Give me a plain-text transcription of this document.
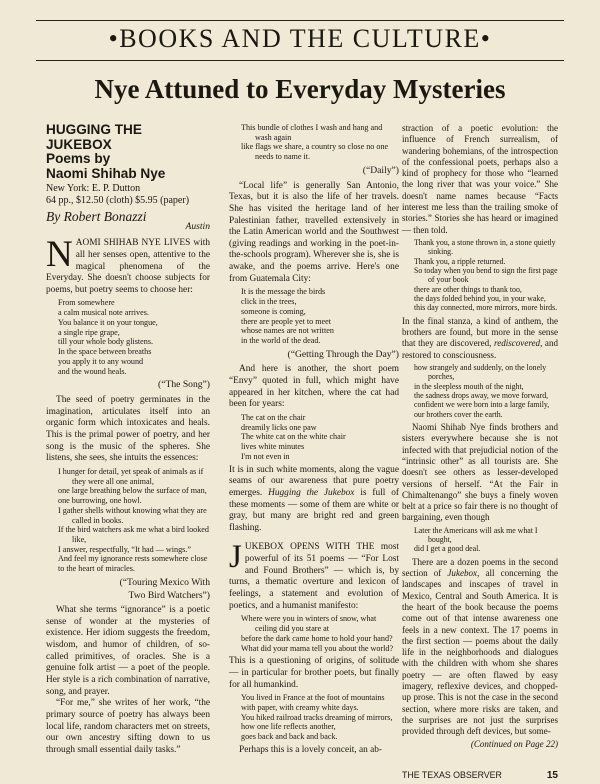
•BOOKS AND THE CULTURE•
Nye Attuned to Everyday Mysteries
HUGGING THE
JUKEBOX
Poems by
Naomi Shihab Nye
New York: E. P. Dutton
64 pp., $12.50 (cloth) $5.95 (paper)
By Robert Bonazzi
Austin

NAOMI SHIHAB NYE LIVES with all her senses open, attentive to the magical phenomena of the Everyday. She doesn't choose subjects for poems, but poetry seems to choose her:

From somewhere
a calm musical note arrives.
You balance it on your tongue,
a single ripe grape,
till your whole body glistens.
In the space between breaths
you apply it to any wound
and the wound heals.
(“The Song”)

The seed of poetry germinates in the imagination, articulates itself into an organic form which intoxicates and heals. This is the primal power of poetry, and her song is the music of the spheres. She listens, she sees, she intuits the essences:

I hunger for detail, yet speak of animals as if they were all one animal,
one large breathing below the surface of man,
one burrowing, one howl.
I gather shells without knowing what they are called in books.
If the bird watchers ask me what a bird looked like,
I answer, respectfully, “It had — wings.”
And feel my ignorance rests somewhere close
to the heart of miracles.
(“Touring Mexico With
Two Bird Watchers”)

What she terms “ignorance” is a poetic sense of wonder at the mysteries of existence. Her idiom suggests the freedom, wisdom, and humor of children, of so-called primitives, of oracles. She is a genuine folk artist — a poet of the people. Her style is a rich combination of narrative, song, and prayer.

“For me,” she writes of her work, “the primary source of poetry has always been local life, random characters met on streets, our own ancestry sifting down to us through small essential daily tasks.”

This bundle of clothes I wash and hang and wash again
like flags we share, a country so close no one needs to name it.
(“Daily”)

“Local life” is generally San Antonio, Texas, but it is also the life of her travels. She has visited the heritage land of her Palestinian father, travelled extensively in the Latin American world and the Southwest (giving readings and working in the poet-in-the-schools program). Wherever she is, she is awake, and the poems arrive. Here's one from Guatemala City:

It is the message the birds
click in the trees,
someone is coming,
there are people yet to meet
whose names are not written
in the world of the dead.
(“Getting Through the Day”)

And here is another, the short poem “Envy” quoted in full, which might have appeared in her kitchen, where the cat had been for years:

The cat on the chair
dreamily licks one paw
The white cat on the white chair
lives white minutes
I'm not even in

It is in such white moments, along the vague seams of our awareness that pure poetry emerges. Hugging the Jukebox is full of these moments — some of them are white or gray, but many are bright red and green flashing.

JUKEBOX OPENS WITH THE most powerful of its 51 poems — “For Lost and Found Brothers” — which is, by turns, a thematic overture and lexicon of feelings, a statement and evolution of poetics, and a humanist manifesto:

Where were you in winters of snow, what ceiling did you stare at
before the dark came home to hold your hand?
What did your mama tell you about the world?

This is a questioning of origins, of solitude — in particular for brother poets, but finally for all humankind.

You lived in France at the foot of mountains
with paper, with creamy white days.
You hiked railroad tracks dreaming of mirrors,
how one life reflects another,
goes back and back and back.

Perhaps this is a lovely conceit, an ab-

straction of a poetic evolution: the influence of French surrealism, of wandering bohemians, of the introspection of the confessional poets, perhaps also a kind of prophecy for those who “learned the long river that was your voice.” She doesn't name names because “Facts interest me less than the trailing smoke of stories.” Stories she has heard or imagined — then told.

Thank you, a stone thrown in, a stone quietly sinking.
Thank you, a ripple returned.
So today when you bend to sign the first page of your book
there are other things to thank too,
the days folded behind you, in your wake,
this day connected, more mirrors, more birds.

In the final stanza, a kind of anthem, the brothers are found, but more in the sense that they are discovered, rediscovered, and restored to consciousness.

how strangely and suddenly, on the lonely porches,
in the sleepless mouth of the night,
the sadness drops away, we move forward,
confident we were born into a large family,
our brothers cover the earth.

Naomi Shihab Nye finds brothers and sisters everywhere because she is not infected with that prejudicial notion of the “intrinsic other” as all tourists are. She doesn't see others as lesser-developed versions of herself. “At the Fair in Chimaltenango” she buys a finely woven belt at a price so fair there is no thought of bargaining, even though

Later the Americans will ask me what I bought,
did I get a good deal.

There are a dozen poems in the second section of Jukebox, all concerning the landscapes and inscapes of travel in Mexico, Central and South America. It is the heart of the book because the poems come out of that intense awareness one feels in a new context. The 17 poems in the first section — poems about the daily life in the neighborhoods and dialogues with the children with whom she shares poetry — are often flawed by easy imagery, reflexive devices, and chopped-up prose. This is not the case in the second section, where more risks are taken, and the surprises are not just the surprises provided through deft devices, but some-

(Continued on Page 22)
THE TEXAS OBSERVER	15
